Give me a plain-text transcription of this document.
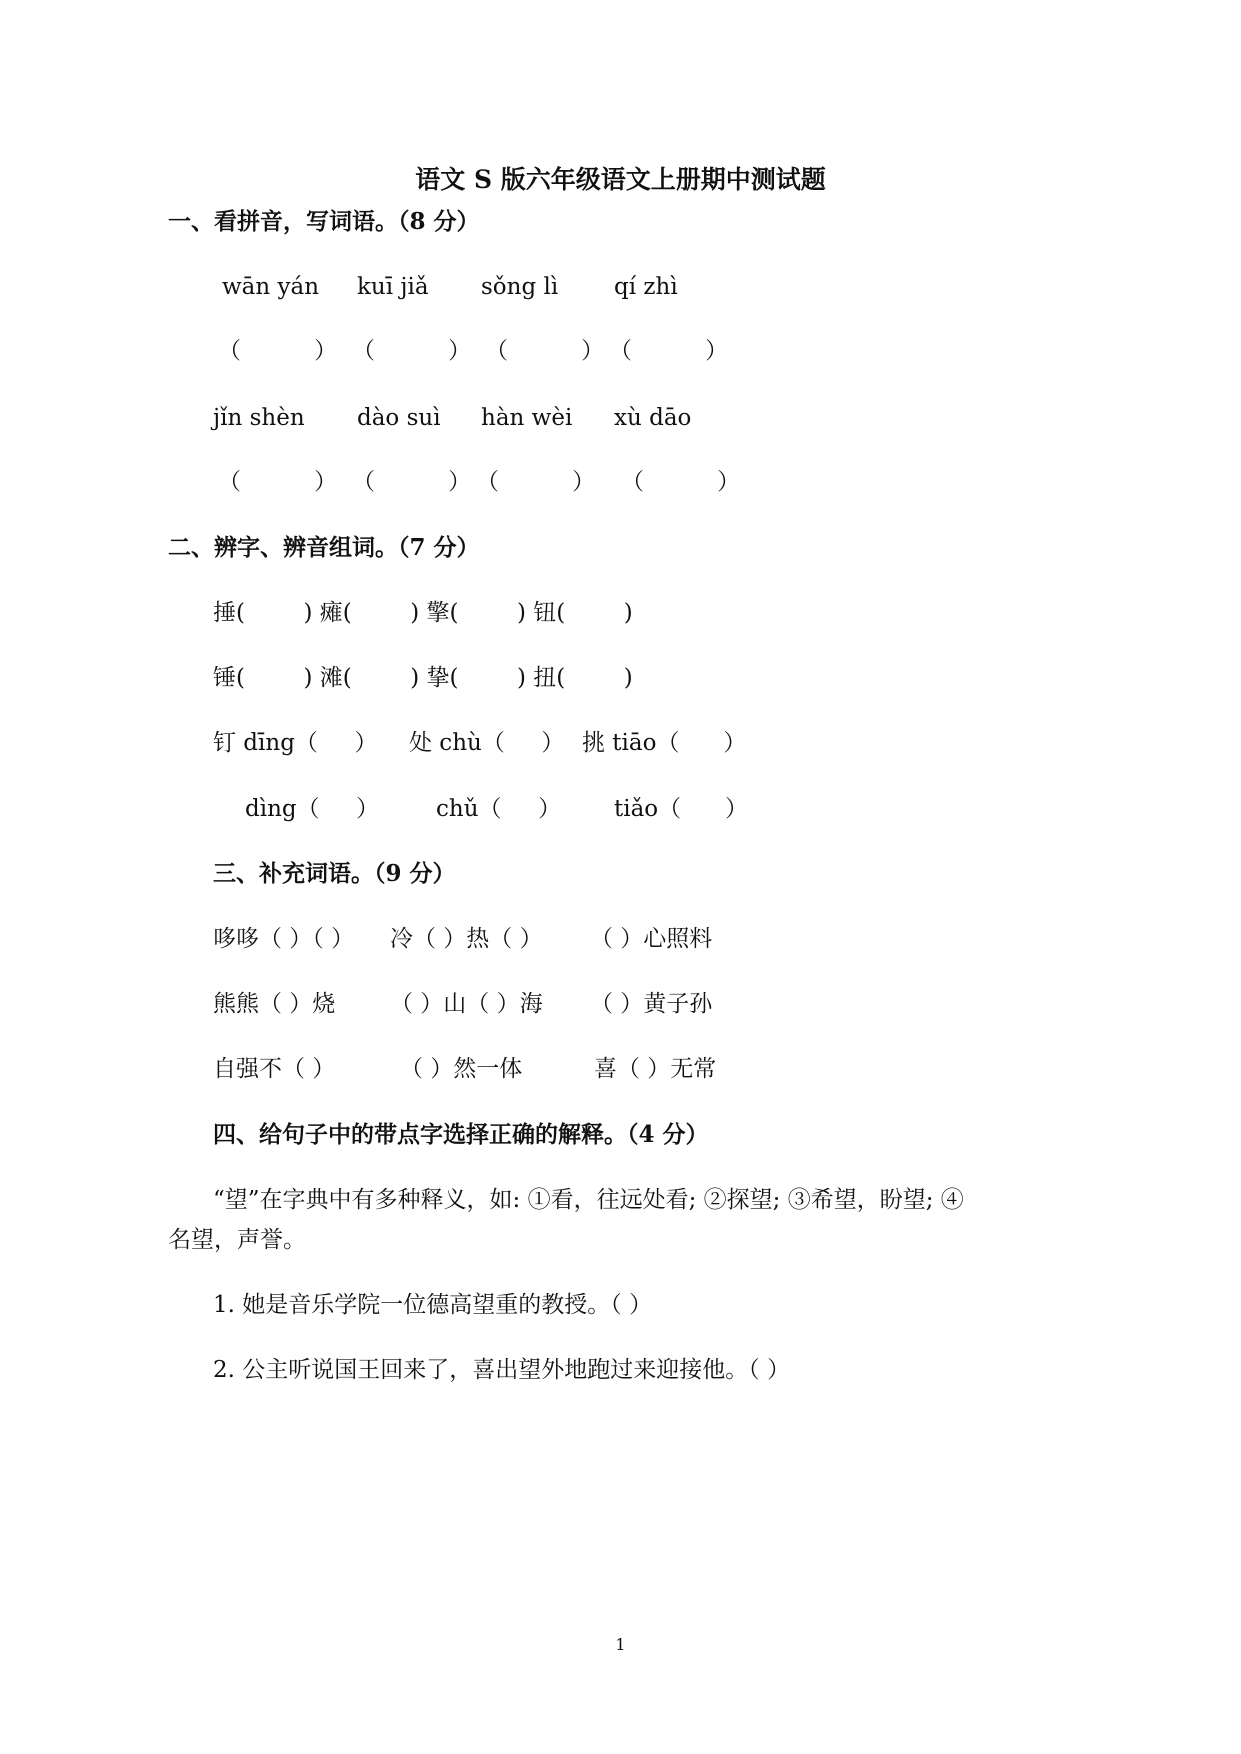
语文 S 版六年级语文上册期中测试题
一、看拼音，写词语。（8 分）
wān yán kuī jiǎ sǒng lì qí zhì
（          ） （          ） （          ） （          ）
jǐn shèn dào suì hàn wèi xù dāo
（          ） （          ） （          ） （          ）
二、辨字、辨音组词。（7 分）
捶(        ) 瘫(        ) 擎(        ) 钮(        )
锤(        ) 滩(        ) 挚(        ) 扭(        )
钉 dīng（     ） 处 chù（     ） 挑 tiāo（      ）
dìng（     ） chǔ（     ） tiǎo（      ）
三、补充词语。（9 分）
哆哆（ ）（ ） 冷（ ）热（ ） （ ）心照料
熊熊（ ）烧 （ ）山（ ）海 （ ）黄子孙
自强不（ ）	（ ）然一体	喜（ ）无常
四、给句子中的带点字选择正确的解释。（4 分）
“望”在字典中有多种释义，如: ①看，往远处看; ②探望; ③希望，盼望; ④
名望，声誉。
1. 她是音乐学院一位德高望重的教授。（ ）
2. 公主听说国王回来了，喜出望外地跑过来迎接他。（ ）
1
